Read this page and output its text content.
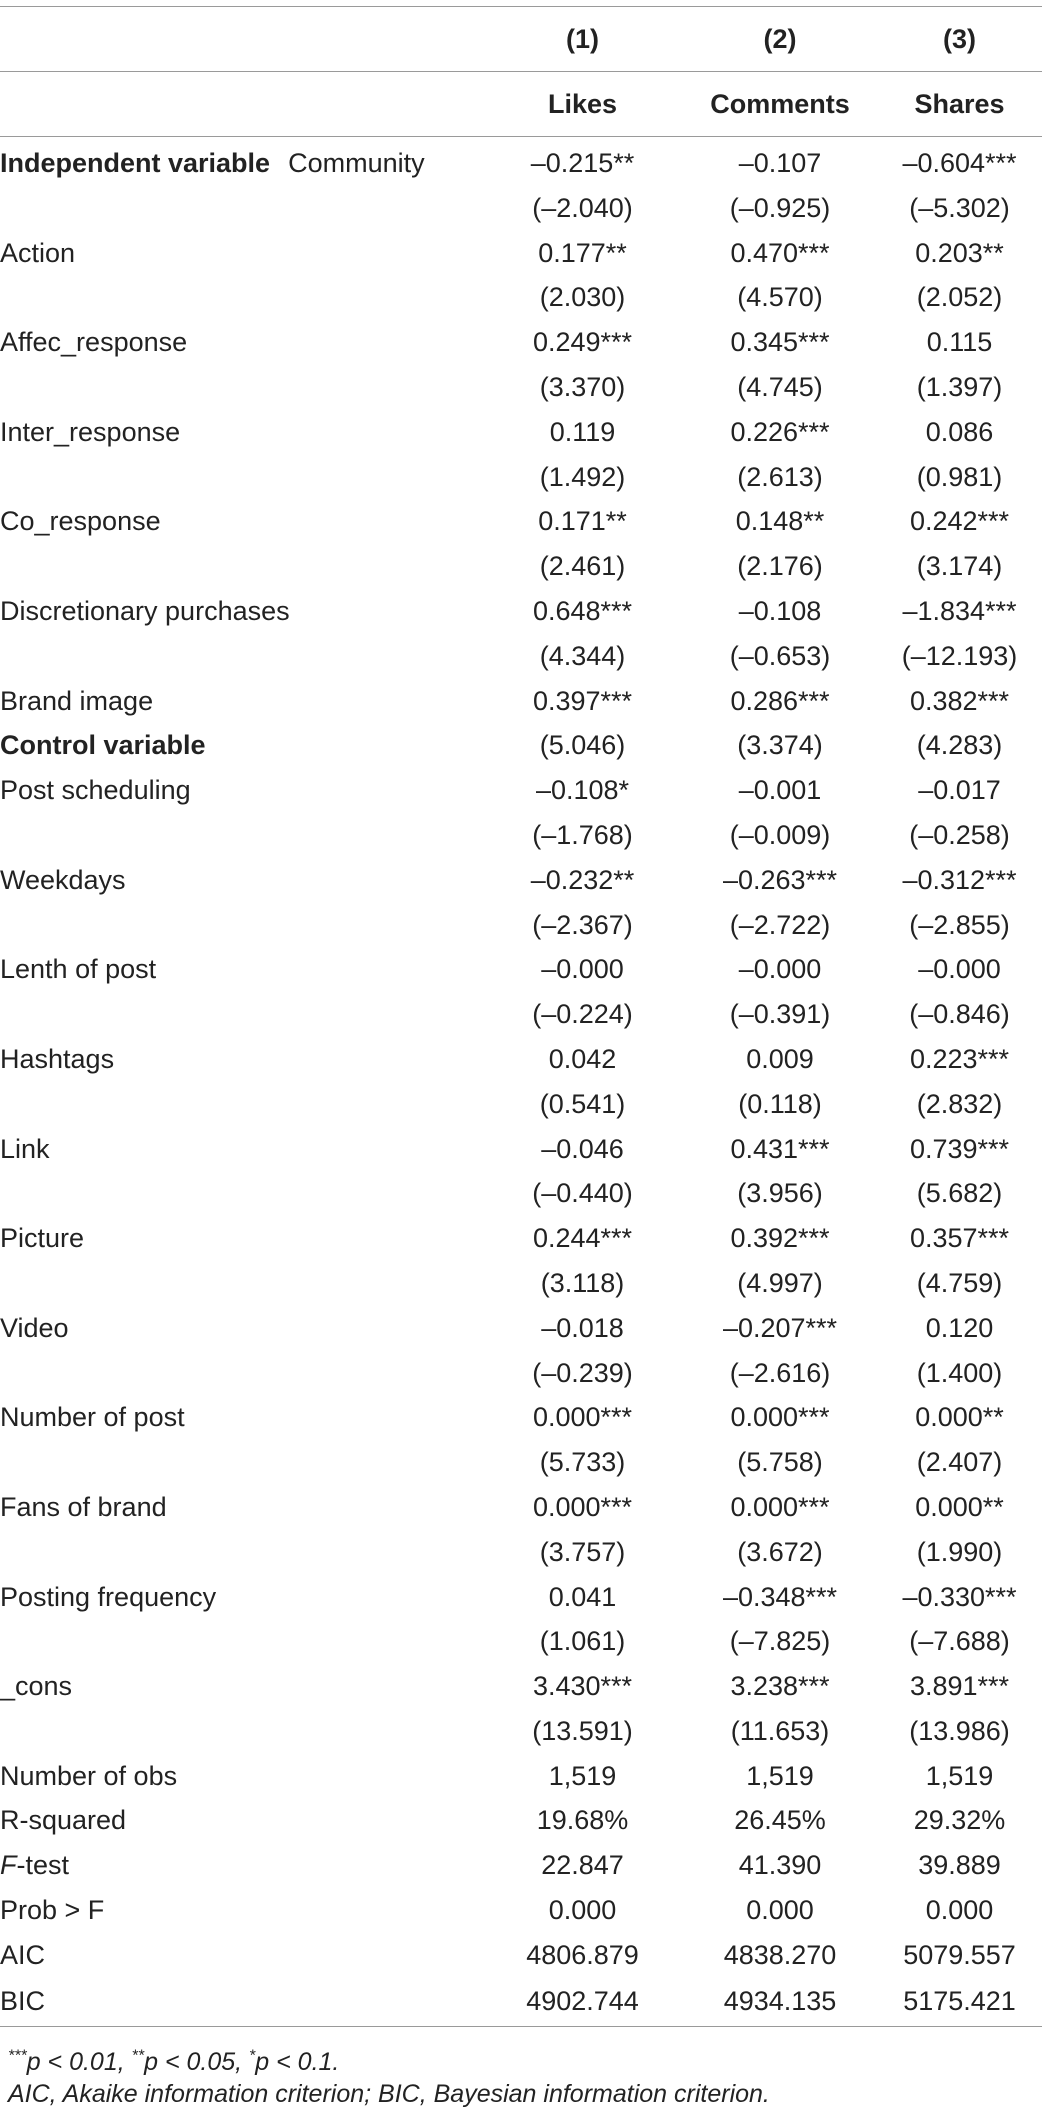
	(1)	(2)	(3)
	Likes	Comments	Shares
Independent variable Community	–0.215**	–0.107	–0.604***
	(–2.040)	(–0.925)	(–5.302)
Action	0.177**	0.470***	0.203**
	(2.030)	(4.570)	(2.052)
Affec_response	0.249***	0.345***	0.115
	(3.370)	(4.745)	(1.397)
Inter_response	0.119	0.226***	0.086
	(1.492)	(2.613)	(0.981)
Co_response	0.171**	0.148**	0.242***
	(2.461)	(2.176)	(3.174)
Discretionary purchases	0.648***	–0.108	–1.834***
	(4.344)	(–0.653)	(–12.193)
Brand image	0.397***	0.286***	0.382***
Control variable	(5.046)	(3.374)	(4.283)
Post scheduling	–0.108*	–0.001	–0.017
	(–1.768)	(–0.009)	(–0.258)
Weekdays	–0.232**	–0.263***	–0.312***
	(–2.367)	(–2.722)	(–2.855)
Lenth of post	–0.000	–0.000	–0.000
	(–0.224)	(–0.391)	(–0.846)
Hashtags	0.042	0.009	0.223***
	(0.541)	(0.118)	(2.832)
Link	–0.046	0.431***	0.739***
	(–0.440)	(3.956)	(5.682)
Picture	0.244***	0.392***	0.357***
	(3.118)	(4.997)	(4.759)
Video	–0.018	–0.207***	0.120
	(–0.239)	(–2.616)	(1.400)
Number of post	0.000***	0.000***	0.000**
	(5.733)	(5.758)	(2.407)
Fans of brand	0.000***	0.000***	0.000**
	(3.757)	(3.672)	(1.990)
Posting frequency	0.041	–0.348***	–0.330***
	(1.061)	(–7.825)	(–7.688)
_cons	3.430***	3.238***	3.891***
	(13.591)	(11.653)	(13.986)
Number of obs	1,519	1,519	1,519
R-squared	19.68%	26.45%	29.32%
F-test	22.847	41.390	39.889
Prob > F	0.000	0.000	0.000
AIC	4806.879	4838.270	5079.557
BIC	4902.744	4934.135	5175.421
***p < 0.01, **p < 0.05, *p < 0.1.
AIC, Akaike information criterion; BIC, Bayesian information criterion.
